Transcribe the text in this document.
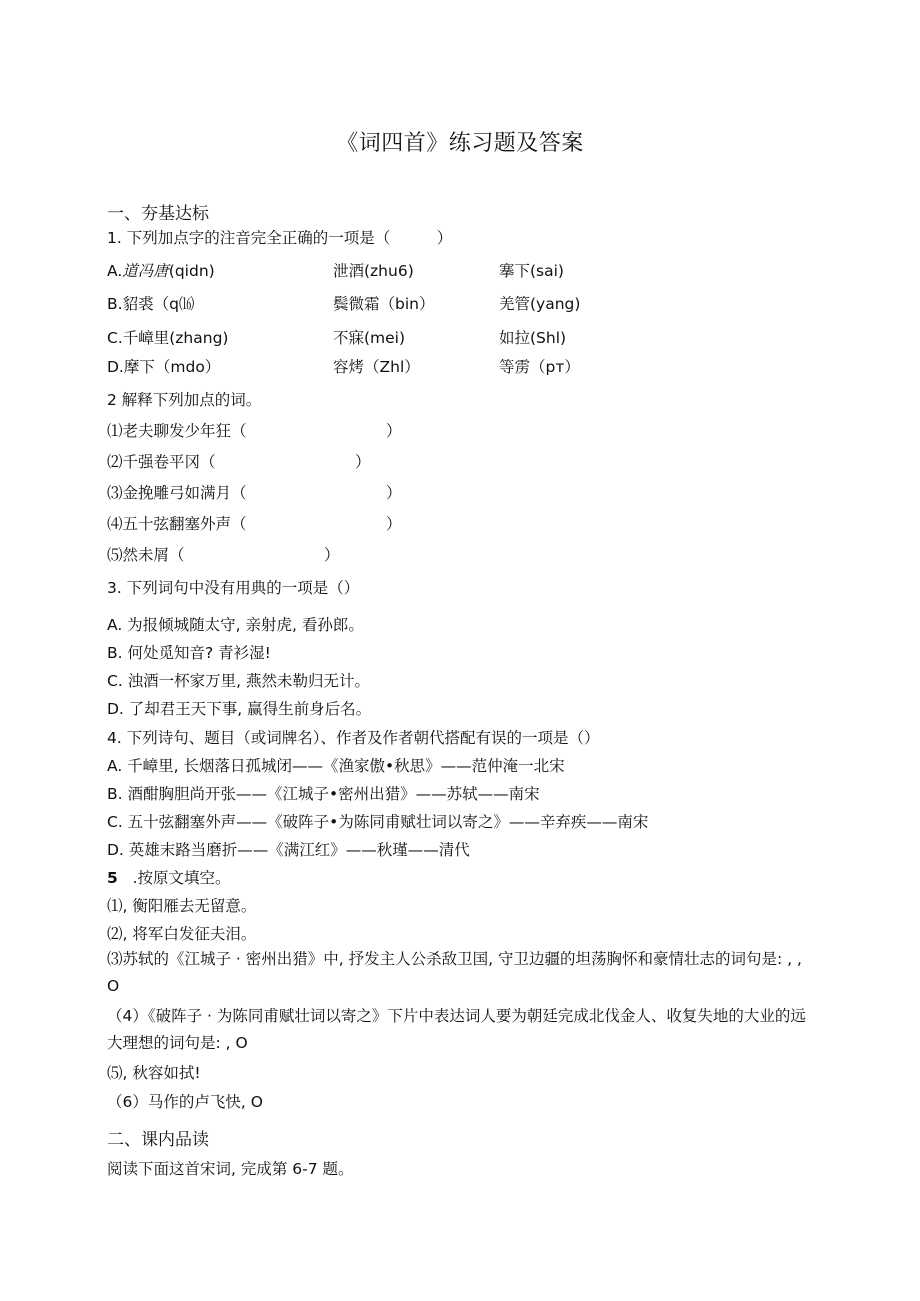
《词四首》练习题及答案
一、夯基达标
1. 下列加点字的注音完全正确的一项是（　　　）
A.道冯唐(qidn)	泄酒(zhu6)	搴下(sai)
B.貂裘（q⒃	鬓微霜（bin）	羌管(yang)
C.千嶂里(zhang)	不寐(mei)	如拉(Shl)
D.摩下（mdo）	容烤（Zhl）	等雳（pт）
2 解释下列加点的词。
⑴老夫聊发少年狂（　　　　　　　　　）
⑵千强卷平冈（　　　　　　　　　）
⑶金挽雕弓如满月（　　　　　　　　　）
⑷五十弦翻塞外声（　　　　　　　　　）
⑸然未屑（　　　　　　　　　）
3. 下列词句中没有用典的一项是（）
A. 为报倾城随太守, 亲射虎, 看孙郎。
B. 何处觅知音? 青衫湿!
C. 浊酒一杯家万里, 燕然未勒归无计。
D. 了却君王天下事, 赢得生前身后名。
4. 下列诗句、题目（或词牌名）、作者及作者朝代搭配有误的一项是（）
A. 千嶂里, 长烟落日孤城闭——《渔家傲•秋思》——范仲淹一北宋
B. 酒酣胸胆尚开张——《江城子•密州出猎》——苏轼——南宋
C. 五十弦翻塞外声——《破阵子•为陈同甫赋壮词以寄之》——辛弃疾——南宋
D. 英雄末路当磨折——《满江红》——秋瑾——清代
5 .按原文填空。
⑴, 衡阳雁去无留意。
⑵, 将军白发征夫泪。
⑶苏轼的《江城子 · 密州出猎》中, 抒发主人公杀敌卫国, 守卫边疆的坦荡胸怀和豪情壮志的词句是: , , O
（4）《破阵子 · 为陈同甫赋壮词以寄之》下片中表达词人要为朝廷完成北伐金人、收复失地的大业的远大理想的词句是: , O
⑸, 秋容如拭!
（6）马作的卢飞快, O
二、课内品读
阅读下面这首宋词, 完成第 6-7 题。
